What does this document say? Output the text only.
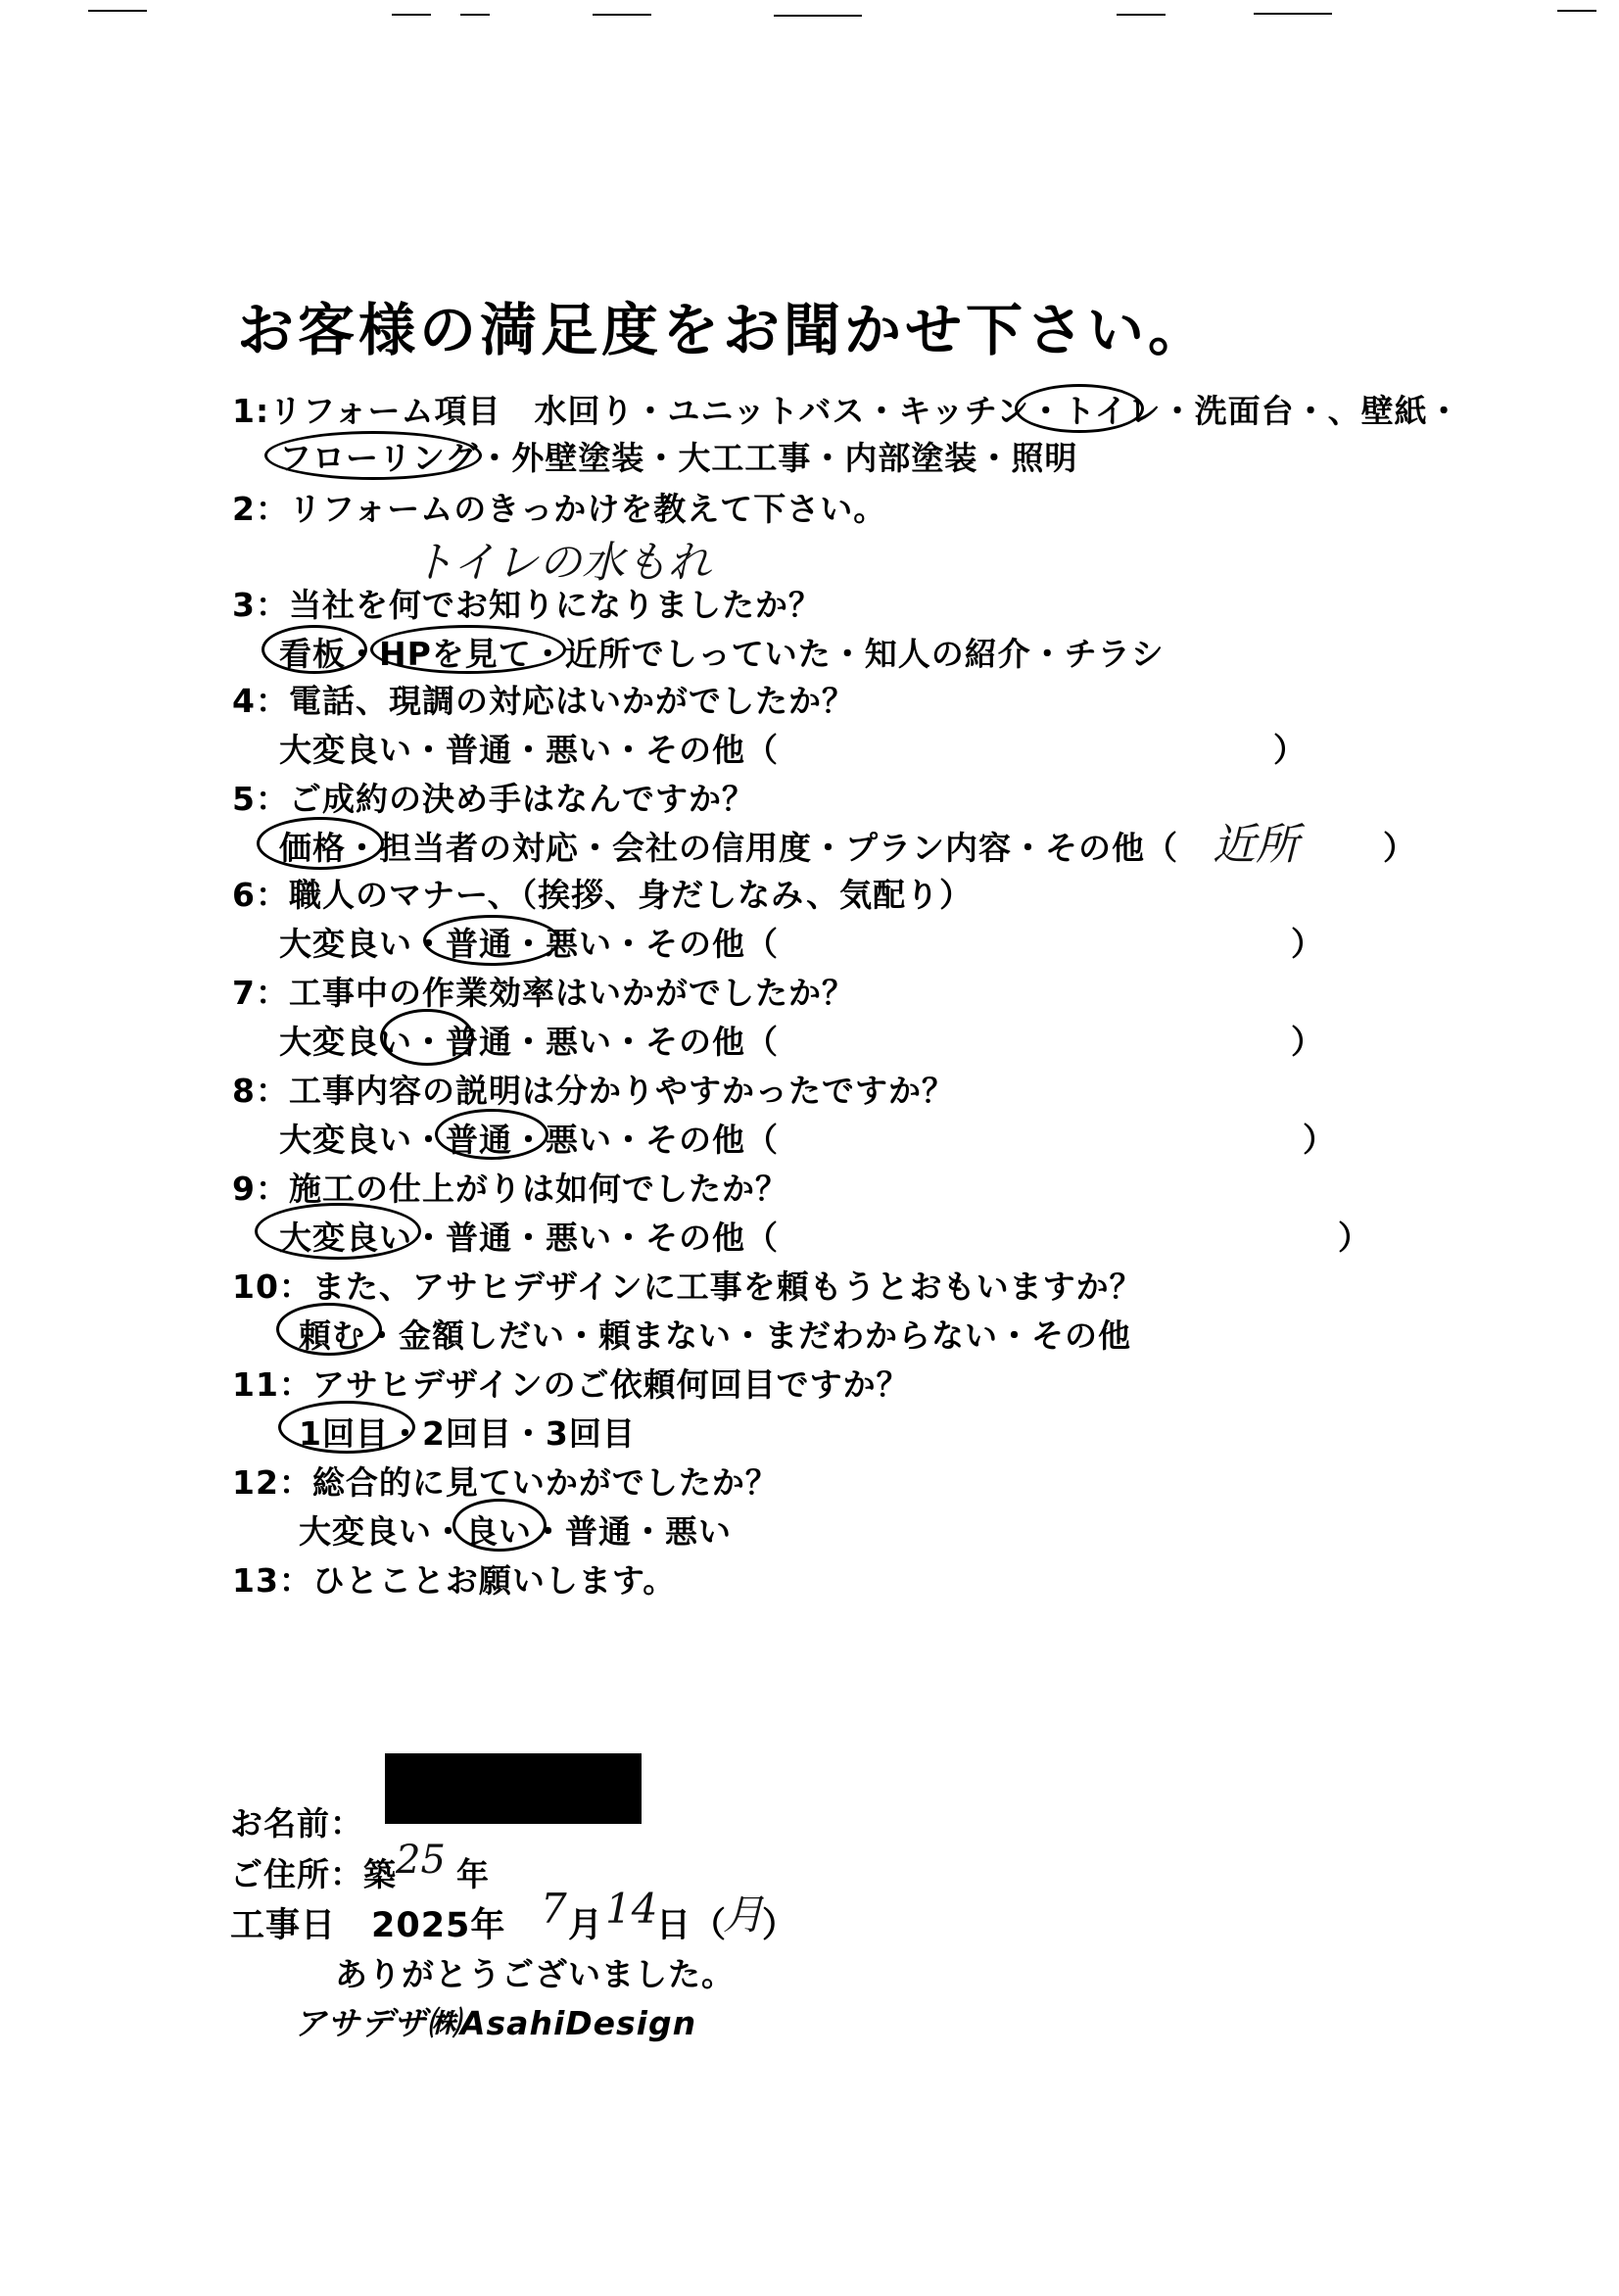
お客様の満足度をお聞かせ下さい。
1:リフォーム項目　水回り・ユニットバス・キッチン・トイレ・洗面台・、壁紙・
フローリング・外壁塗装・大工工事・内部塗装・照明
2：リフォームのきっかけを教えて下さい。
トイレの水もれ
3：当社を何でお知りになりましたか？
看板・HPを見て・近所でしっていた・知人の紹介・チラシ
4：電話、現調の対応はいかがでしたか？
大変良い・普通・悪い・その他（	）
5：ご成約の決め手はなんですか？
価格・担当者の対応・会社の信用度・プラン内容・その他（ 近所	）
6：職人のマナー、（挨拶、身だしなみ、気配り）
大変良い・普通・悪い・その他（	）
7：工事中の作業効率はいかがでしたか？
大変良い・普通・悪い・その他（	）
8：工事内容の説明は分かりやすかったですか？
大変良い・普通・悪い・その他（	）
9：施工の仕上がりは如何でしたか？
大変良い・普通・悪い・その他（	）
10：また、アサヒデザインに工事を頼もうとおもいますか？
頼む・金額しだい・頼まない・まだわからない・その他
11：アサヒデザインのご依頼何回目ですか？
1回目・2回目・3回目
12：総合的に見ていかがでしたか？
大変良い・良い・普通・悪い
13：ひとことお願いします。
お名前：
ご住所：築 25 年
工事日　2025年 7 月 14
日（
月
）
ありがとうございました。
アサデザ㈱AsahiDesign
